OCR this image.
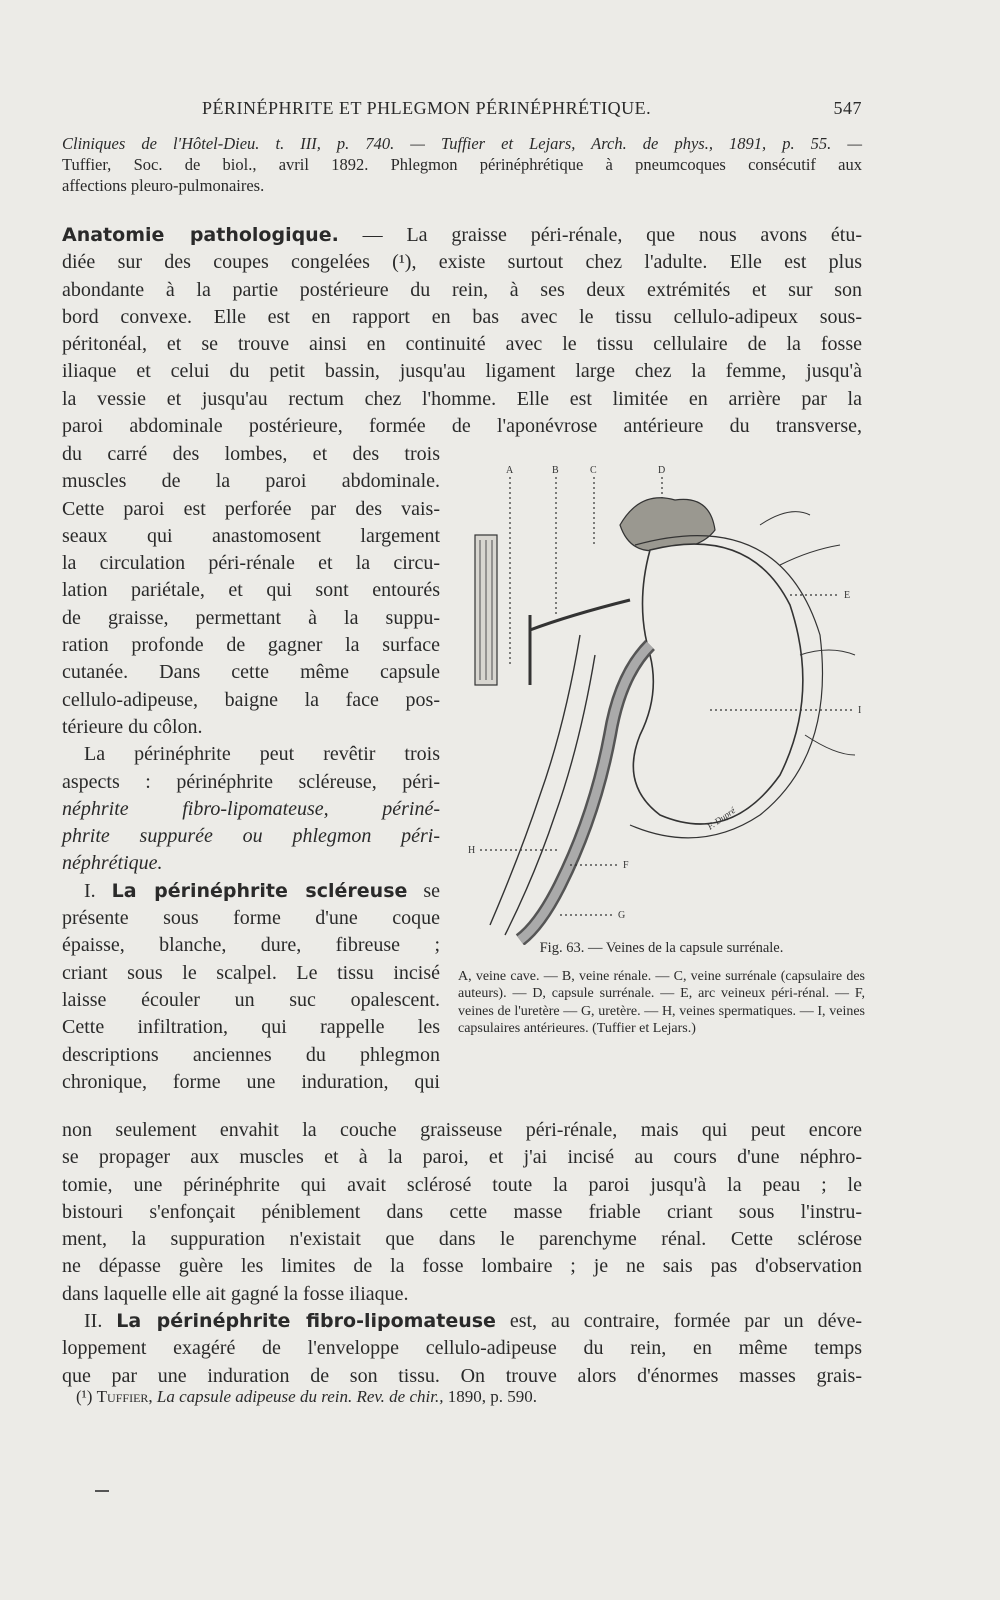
PÉRINÉPHRITE ET PHLEGMON PÉRINÉPHRÉTIQUE.	547
Cliniques de l'Hôtel-Dieu. t. III, p. 740. — Tuffier et Lejars, Arch. de phys., 1891, p. 55. —
Tuffier, Soc. de biol., avril 1892. Phlegmon périnéphrétique à pneumcoques consécutif aux
affections pleuro-pulmonaires.
Anatomie pathologique. — La graisse péri-rénale, que nous avons étu-
diée sur des coupes congelées (¹), existe surtout chez l'adulte. Elle est plus
abondante à la partie postérieure du rein, à ses deux extrémités et sur son
bord convexe. Elle est en rapport en bas avec le tissu cellulo-adipeux sous-
péritonéal, et se trouve ainsi en continuité avec le tissu cellulaire de la fosse
iliaque et celui du petit bassin, jusqu'au ligament large chez la femme, jusqu'à
la vessie et jusqu'au rectum chez l'homme. Elle est limitée en arrière par la
paroi abdominale postérieure, formée de l'aponévrose antérieure du transverse,
du carré des lombes, et des trois
muscles de la paroi abdominale.
Cette paroi est perforée par des vais-
seaux qui anastomosent largement
la circulation péri-rénale et la circu-
lation pariétale, et qui sont entourés
de graisse, permettant à la suppu-
ration profonde de gagner la surface
cutanée. Dans cette même capsule
cellulo-adipeuse, baigne la face pos-
térieure du côlon.
La périnéphrite peut revêtir trois
aspects : périnéphrite scléreuse, péri-
néphrite fibro-lipomateuse, périné-
phrite suppurée ou phlegmon péri-
néphrétique.
I. La périnéphrite scléreuse se
présente sous forme d'une coque
épaisse, blanche, dure, fibreuse ;
criant sous le scalpel. Le tissu incisé
laisse écouler un suc opalescent.
Cette infiltration, qui rappelle les
descriptions anciennes du phlegmon
chronique, forme une induration, qui
non seulement envahit la couche graisseuse péri-rénale, mais qui peut encore
se propager aux muscles et à la paroi, et j'ai incisé au cours d'une néphro-
tomie, une périnéphrite qui avait sclérosé toute la paroi jusqu'à la peau ; le
bistouri s'enfonçait péniblement dans cette masse friable criant sous l'instru-
ment, la suppuration n'existait que dans le parenchyme rénal. Cette sclérose
ne dépasse guère les limites de la fosse lombaire ; je ne sais pas d'observation
dans laquelle elle ait gagné la fosse iliaque.
II. La périnéphrite fibro-lipomateuse est, au contraire, formée par un déve-
loppement exagéré de l'enveloppe cellulo-adipeuse du rein, en même temps
que par une induration de son tissu. On trouve alors d'énormes masses grais-
A	B	C	D
E
I
H
F
G
F. Dupré
Fig. 63. — Veines de la capsule surrénale.
A, veine cave. — B, veine rénale. — C, veine surrénale (capsulaire des auteurs). — D, capsule surrénale. — E, arc veineux péri-rénal. — F, veines de l'uretère — G, uretère. — H, veines spermatiques. — I, veines capsulaires antérieures. (Tuffier et Lejars.)
(¹) Tuffier, La capsule adipeuse du rein. Rev. de chir., 1890, p. 590.
